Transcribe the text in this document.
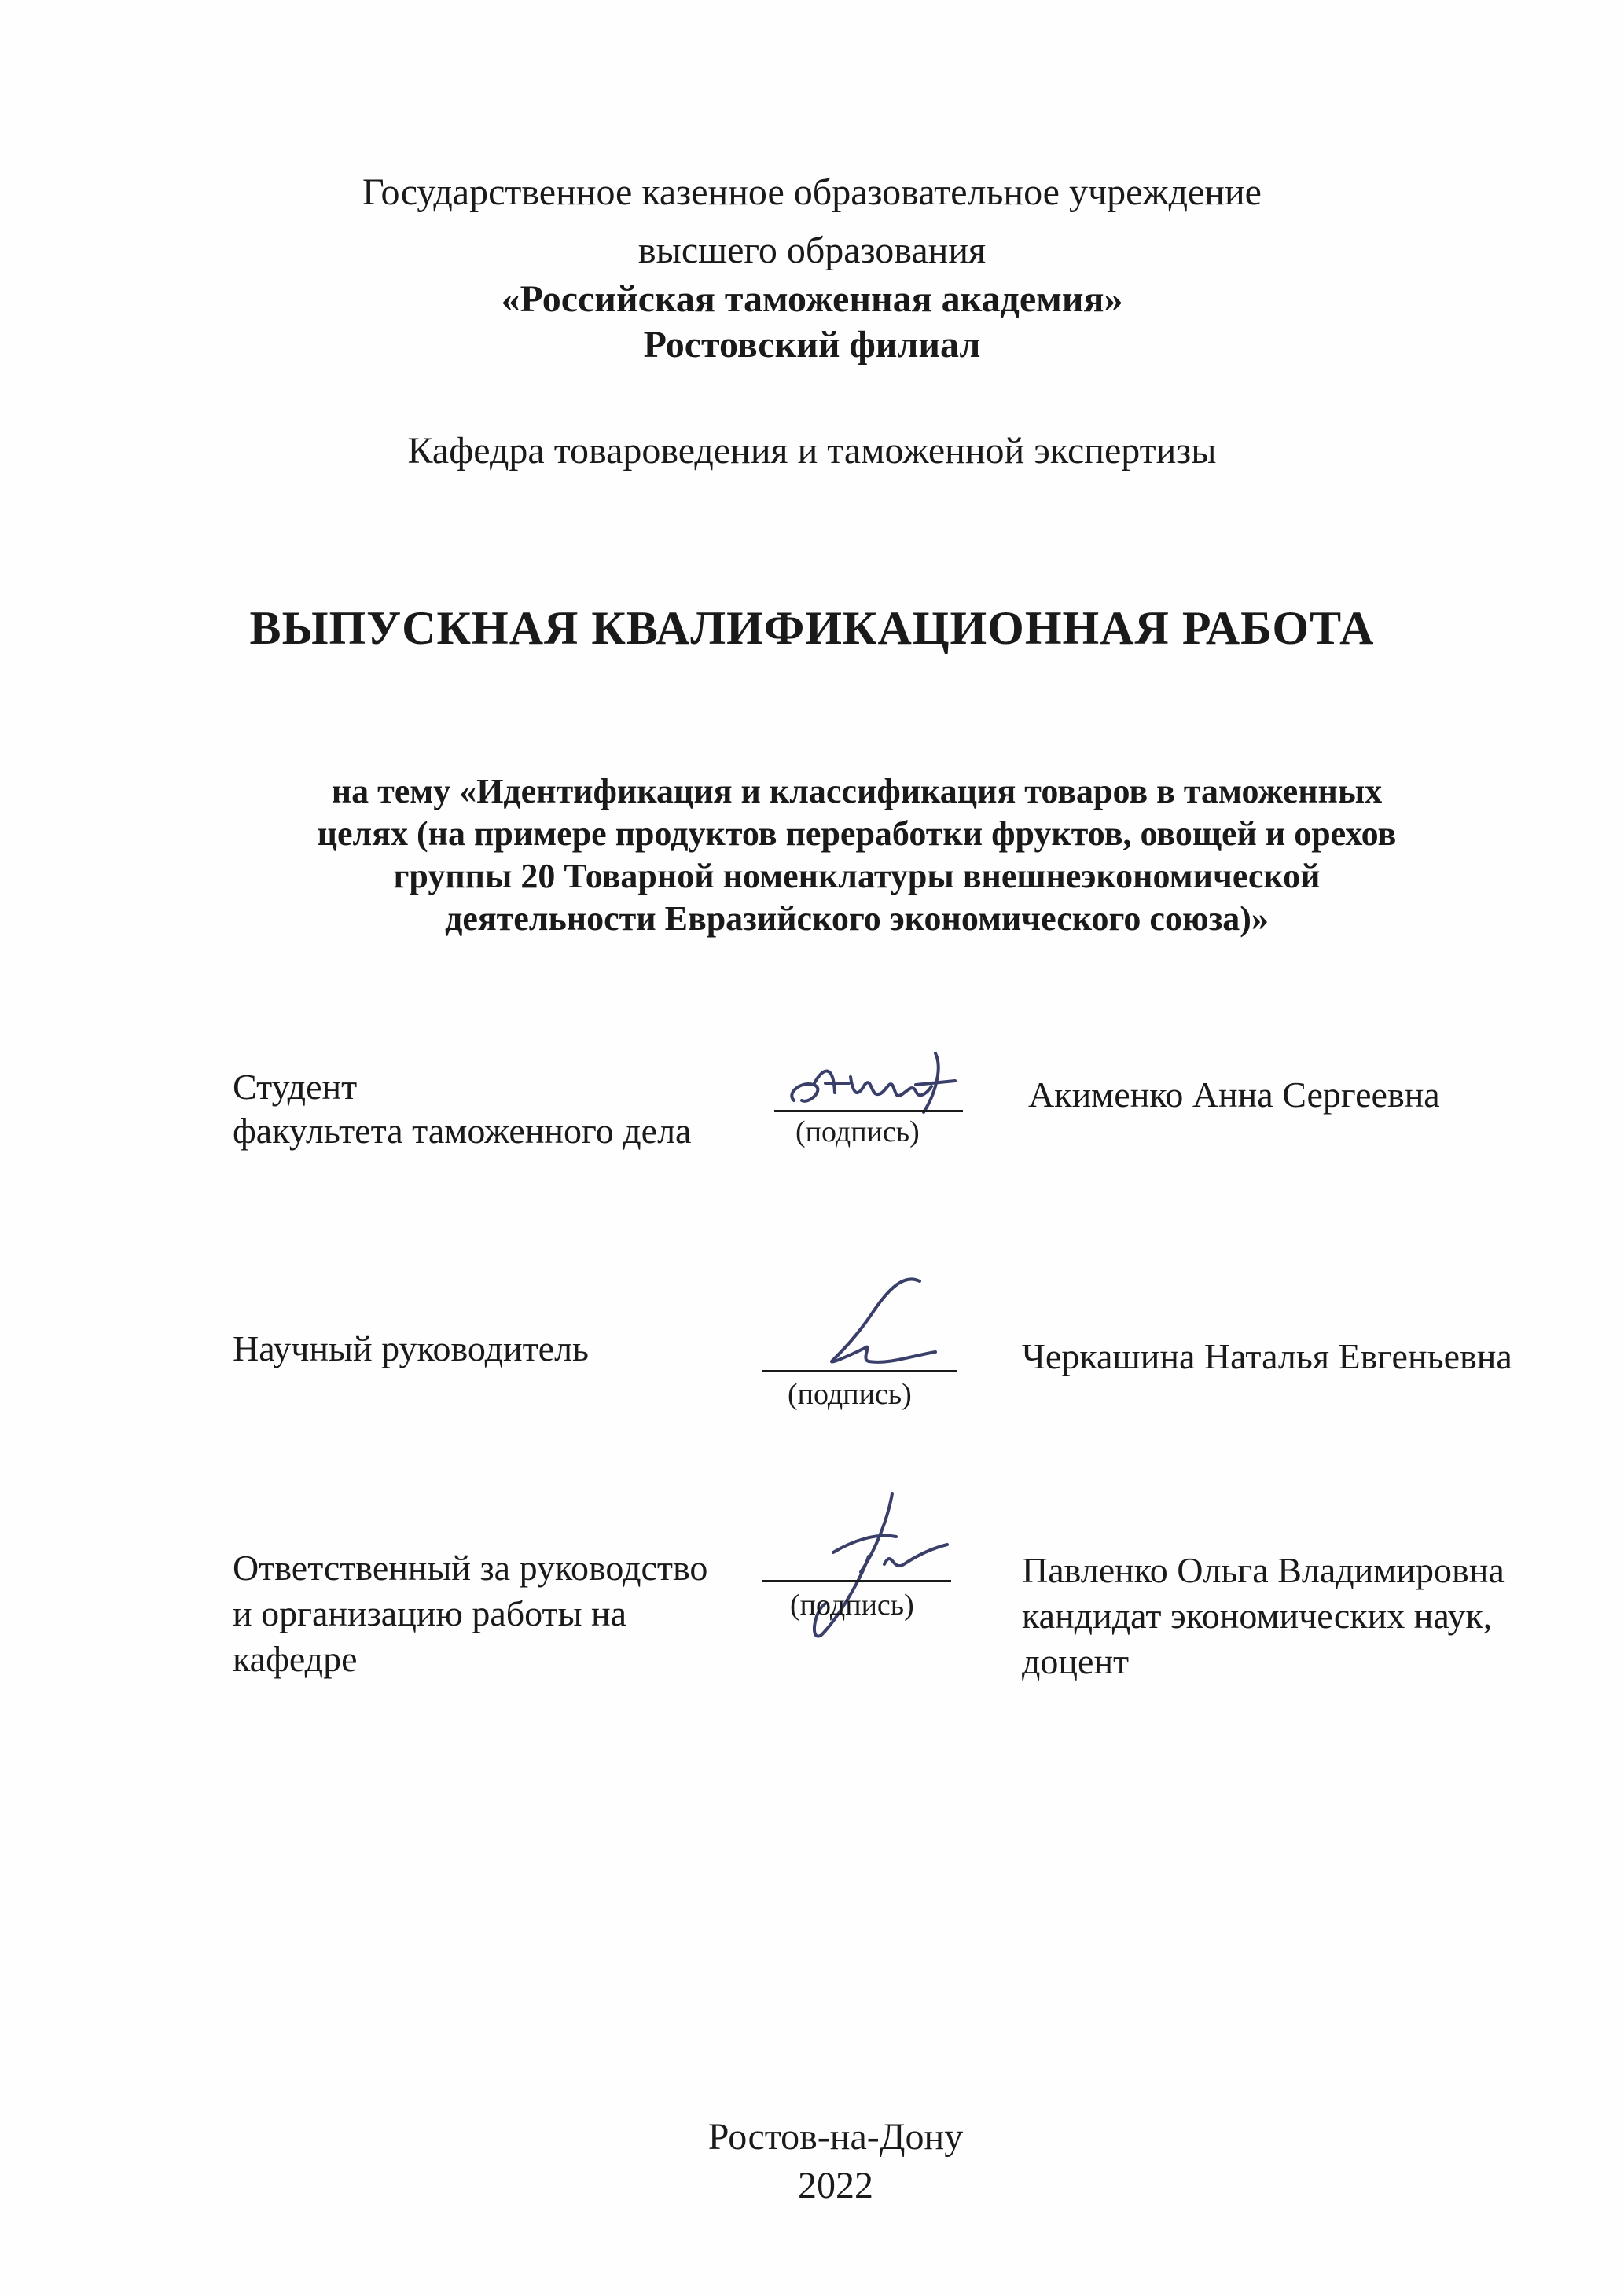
Государственное казенное образовательное учреждение
высшего образования
«Российская таможенная академия»
Ростовский филиал
Кафедра товароведения и таможенной экспертизы
ВЫПУСКНАЯ КВАЛИФИКАЦИОННАЯ РАБОТА
на тему «Идентификация и классификация товаров в таможенных
целях (на примере продуктов переработки фруктов, овощей и орехов
группы 20 Товарной номенклатуры внешнеэкономической
деятельности Евразийского экономического союза)»
Студент
факультета таможенного дела	(подпись)
Акименко Анна Сергеевна
Научный руководитель
(подпись)
Черкашина Наталья Евгеньевна
Ответственный за руководство
и организацию работы на
кафедре
(подпись)
Павленко Ольга Владимировна
кандидат экономических наук,
доцент
Ростов-на-Дону
2022
